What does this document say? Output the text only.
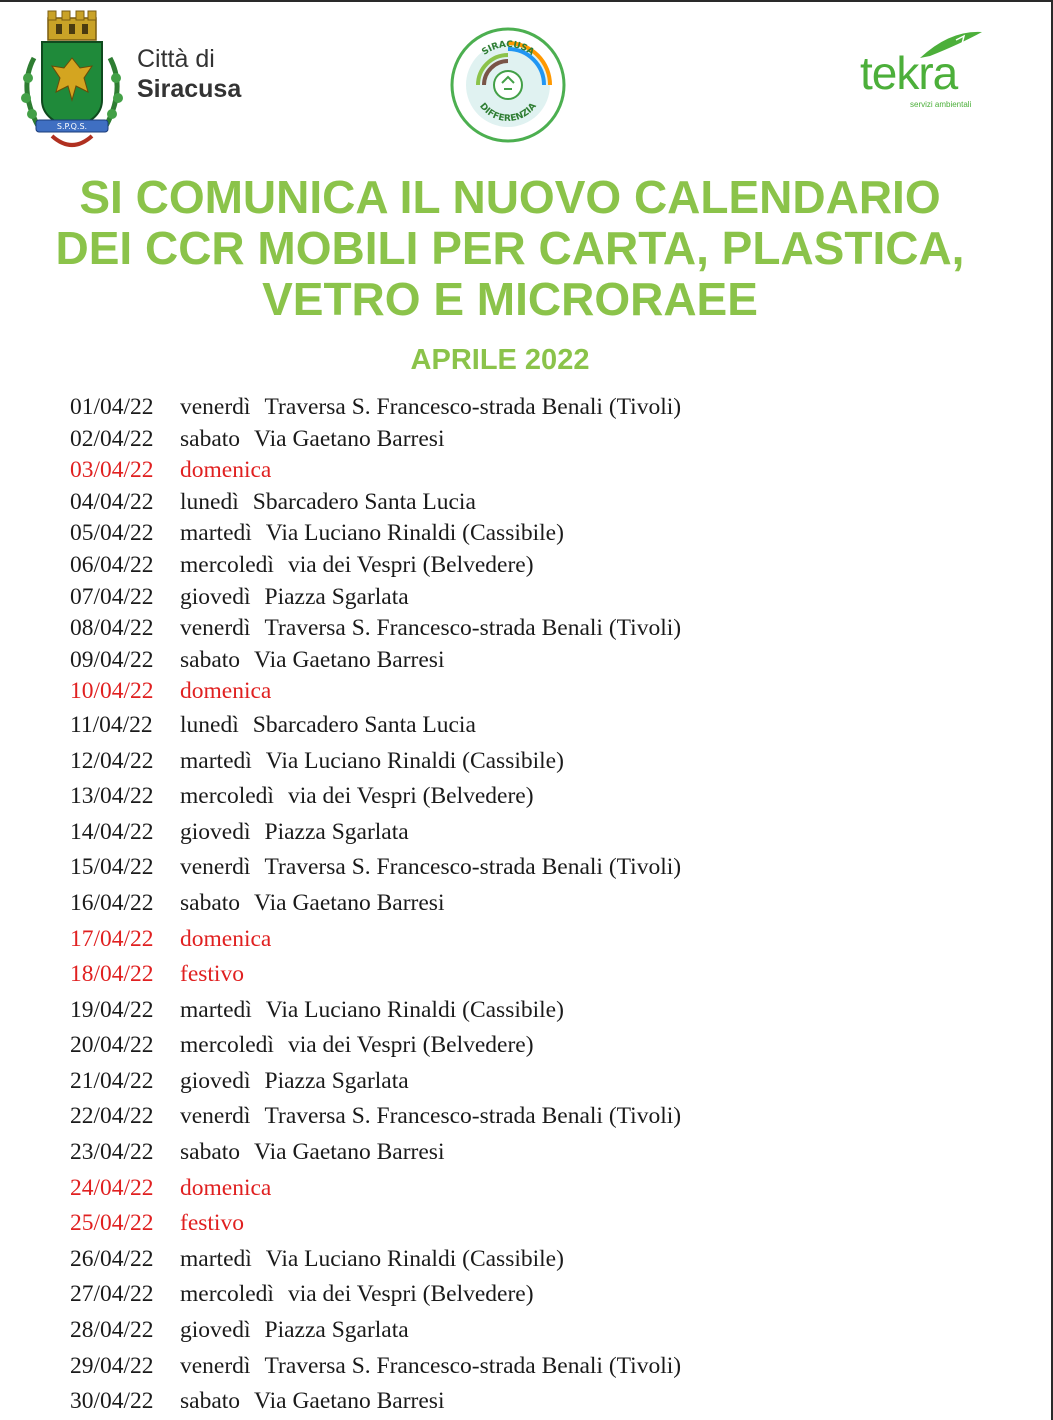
S.P.Q.S.
Città di
Siracusa
SIRACUSA
DIFFERENZIA
tekra
servizi ambientali
SI COMUNICA IL NUOVO CALENDARIO
DEI CCR MOBILI PER CARTA, PLASTICA,
VETRO E MICRORAEE
APRILE 2022
01/04/22 venerdì Traversa S. Francesco-strada Benali (Tivoli)
02/04/22 sabato Via Gaetano Barresi
03/04/22 domenica
04/04/22 lunedì Sbarcadero Santa Lucia
05/04/22 martedì Via Luciano Rinaldi (Cassibile)
06/04/22 mercoledì via dei Vespri (Belvedere)
07/04/22 giovedì Piazza Sgarlata
08/04/22 venerdì Traversa S. Francesco-strada Benali (Tivoli)
09/04/22 sabato Via Gaetano Barresi
10/04/22 domenica
11/04/22 lunedì Sbarcadero Santa Lucia
12/04/22 martedì Via Luciano Rinaldi (Cassibile)
13/04/22 mercoledì via dei Vespri (Belvedere)
14/04/22 giovedì Piazza Sgarlata
15/04/22 venerdì Traversa S. Francesco-strada Benali (Tivoli)
16/04/22 sabato Via Gaetano Barresi
17/04/22 domenica
18/04/22 festivo
19/04/22 martedì Via Luciano Rinaldi (Cassibile)
20/04/22 mercoledì via dei Vespri (Belvedere)
21/04/22 giovedì Piazza Sgarlata
22/04/22 venerdì Traversa S. Francesco-strada Benali (Tivoli)
23/04/22 sabato Via Gaetano Barresi
24/04/22 domenica
25/04/22 festivo
26/04/22 martedì Via Luciano Rinaldi (Cassibile)
27/04/22 mercoledì via dei Vespri (Belvedere)
28/04/22 giovedì Piazza Sgarlata
29/04/22 venerdì Traversa S. Francesco-strada Benali (Tivoli)
30/04/22 sabato Via Gaetano Barresi
